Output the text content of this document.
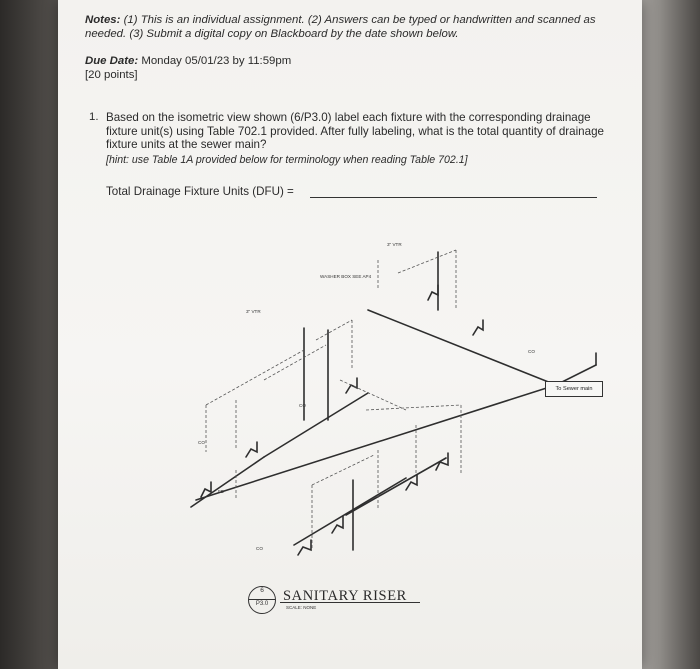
Notes: (1) This is an individual assignment. (2) Answers can be typed or handwritten and scanned as needed. (3) Submit a digital copy on Blackboard by the date shown below.
Due Date: Monday 05/01/23 by 11:59pm
[20 points]
1. Based on the isometric view shown (6/P3.0) label each fixture with the corresponding drainage fixture unit(s) using Table 702.1 provided. After fully labeling, what is the total quantity of drainage fixture units at the sewer main?
[hint: use Table 1A provided below for terminology when reading Table 702.1]
Total Drainage Fixture Units (DFU) =
To Sewer main
CO
3" VTR
3" VTR
WASHER BOX SEE AP4
CO
CO
CO
FD
6
P3.0	SANITARY RISER
SCALE: NONE
